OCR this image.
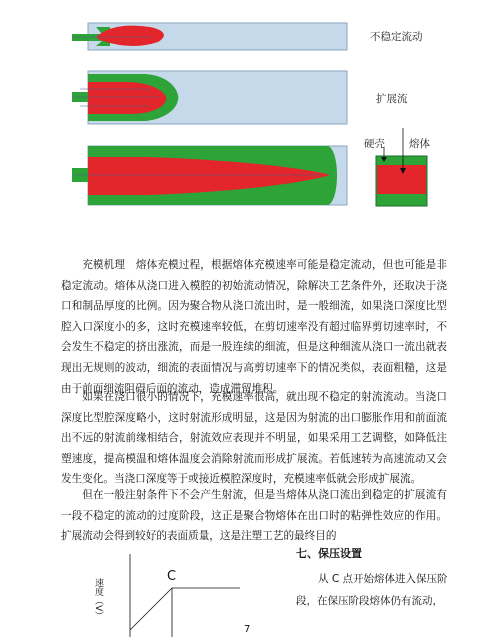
不稳定流动
扩展流
硬壳 熔体

充模机理　熔体充模过程，根据熔体充模速率可能是稳定流动，但也可能是非稳定流动。熔体从浇口进入模腔的初始流动情况，除解决工艺条件外，还取决于浇口和制品厚度的比例。因为聚合物从浇口流出时，是一般细流，如果浇口深度比型腔入口深度小的多，这时充模速率较低，在剪切速率没有超过临界剪切速率时，不会发生不稳定的挤出涨流，而是一股连续的细流，但是这种细流从浇口一流出就表现出无规则的波动，细流的表面情况与高剪切速率下的情况类似，表面粗糙，这是由于前面细流阻碍后面的流动，造成滞留堆积。

如果在浇口很小的情况下，充模速率很高，就出现不稳定的射流流动。当浇口深度比型腔深度略小，这时射流形成明显，这是因为射流的出口膨胀作用和前面流出不远的射流前缘相结合，射流效应表现并不明显，如果采用工艺调整，如降低注塑速度，提高模温和熔体温度会消除射流而形成扩展流。若低速转为高速流动又会发生变化。当浇口深度等于或接近模腔深度时，充模速率低就会形成扩展流。

但在一般注射条件下不会产生射流，但是当熔体从浇口流出到稳定的扩展流有一段不稳定的流动的过度阶段，这正是聚合物熔体在出口时的粘弹性效应的作用。扩展流动会得到较好的表面质量，这是注塑工艺的最终目的

七、保压设置
从 C 点开始熔体进入保压阶
段，在保压阶段熔体仍有流动，
C
速度（V）
7
